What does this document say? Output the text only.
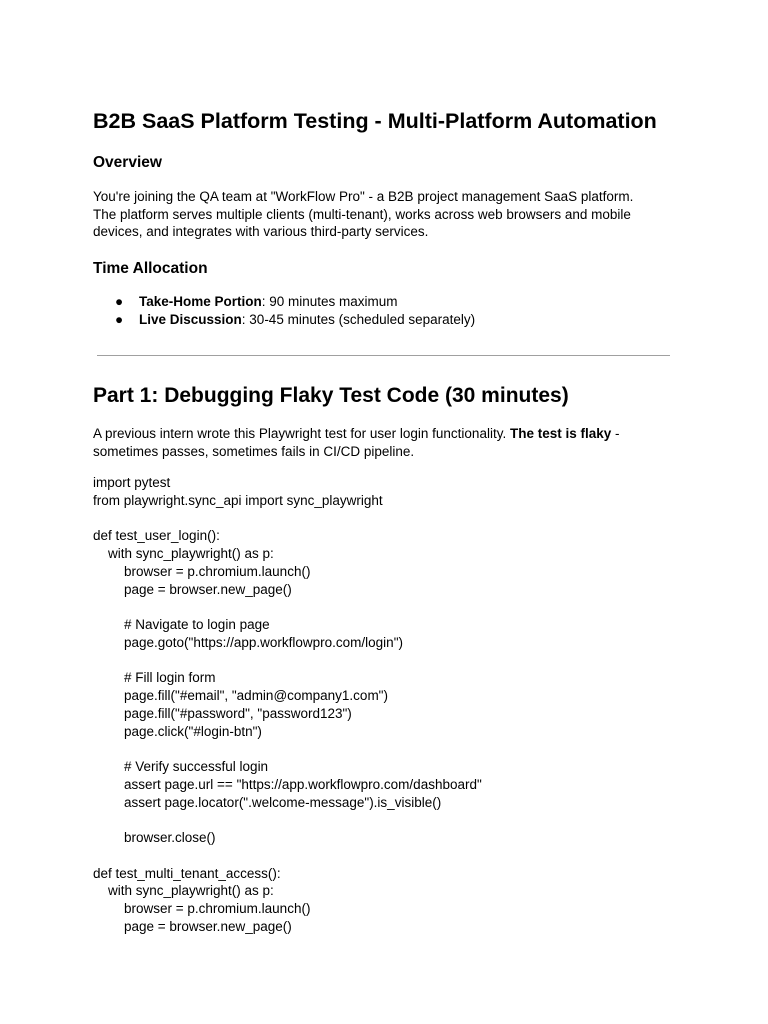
B2B SaaS Platform Testing - Multi-Platform Automation
Overview

You're joining the QA team at "WorkFlow Pro" - a B2B project management SaaS platform.
The platform serves multiple clients (multi-tenant), works across web browsers and mobile
devices, and integrates with various third-party services.

Time Allocation
● Take-Home Portion: 90 minutes maximum
● Live Discussion: 30-45 minutes (scheduled separately)
Part 1: Debugging Flaky Test Code (30 minutes)

A previous intern wrote this Playwright test for user login functionality. The test is flaky -
sometimes passes, sometimes fails in CI/CD pipeline.

import pytest
from playwright.sync_api import sync_playwright
def test_user_login():
with sync_playwright() as p:
browser = p.chromium.launch()
page = browser.new_page()
# Navigate to login page
page.goto("https://app.workflowpro.com/login")
# Fill login form
page.fill("#email", "admin@company1.com")
page.fill("#password", "password123")
page.click("#login-btn")
# Verify successful login
assert page.url == "https://app.workflowpro.com/dashboard"
assert page.locator(".welcome-message").is_visible()
browser.close()
def test_multi_tenant_access():
with sync_playwright() as p:
browser = p.chromium.launch()
page = browser.new_page()
